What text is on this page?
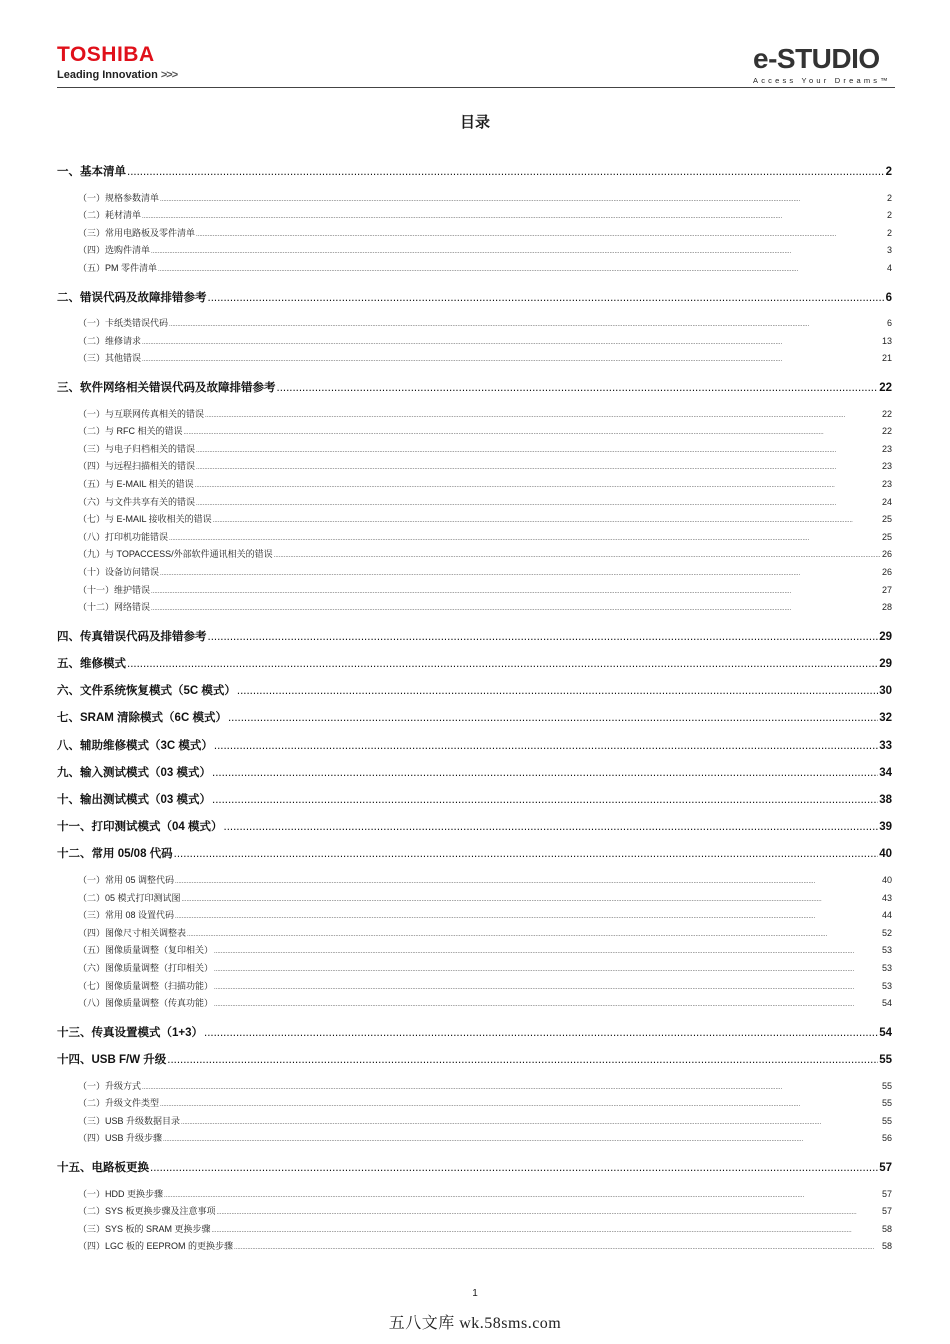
TOSHIBA
Leading Innovation >>>
e-STUDIO
Access Your Dreams™
目录
一、基本清单 .....	2
（一）规格参数清单 .....	2
（二）耗材清单 .....	2
（三）常用电路板及零件清单 .....	2
（四）选购件清单 .....	3
（五）PM 零件清单 .....	4
二、错误代码及故障排错参考 .....	6
（一）卡纸类错误代码 .....	6
（二）维修请求 .....	13
（三）其他错误 .....	21
三、软件网络相关错误代码及故障排错参考 .....	22
（一）与互联网传真相关的错误 .....	22
（二）与 RFC 相关的错误 .....	22
（三）与电子归档相关的错误 .....	23
（四）与远程扫描相关的错误 .....	23
（五）与 E-MAIL 相关的错误 .....	23
（六）与文件共享有关的错误 .....	24
（七）与 E-MAIL 接收相关的错误 .....	25
（八）打印机功能错误 .....	25
（九）与 TOPACCESS/外部软件通讯相关的错误 .....	26
（十）设备访问错误 .....	26
（十一）维护错误 .....	27
（十二）网络错误 .....	28
四、传真错误代码及排错参考 .....	29
五、维修模式 .....	29
六、文件系统恢复模式（5C 模式） .....	30
七、SRAM 清除模式（6C 模式） .....	32
八、辅助维修模式（3C 模式） .....	33
九、输入测试模式（03 模式） .....	34
十、输出测试模式（03 模式） .....	38
十一、打印测试模式（04 模式） .....	39
十二、常用 05/08 代码 .....	40
（一）常用 05 调整代码 .....	40
（二）05 模式打印测试图 .....	43
（三）常用 08 设置代码 .....	44
（四）图像尺寸相关调整表 .....	52
（五）图像质量调整（复印相关） .....	53
（六）图像质量调整（打印相关） .....	53
（七）图像质量调整（扫描功能） .....	53
（八）图像质量调整（传真功能） .....	54
十三、传真设置模式（1+3） .....	54
十四、USB F/W 升级 .....	55
（一）升级方式 .....	55
（二）升级文件类型 .....	55
（三）USB 升级数据目录 .....	55
（四）USB 升级步骤 .....	56
十五、电路板更换 .....	57
（一）HDD 更换步骤 .....	57
（二）SYS 板更换步骤及注意事项 .....	57
（三）SYS 板的 SRAM 更换步骤 .....	58
（四）LGC 板的 EEPROM 的更换步骤 .....	58
1
五八文库 wk.58sms.com
